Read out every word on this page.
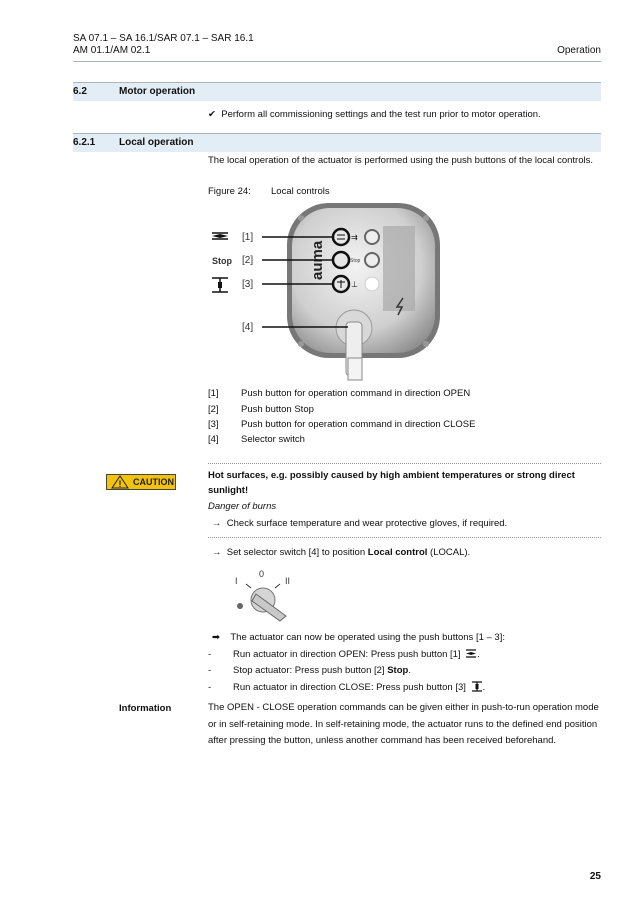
SA 07.1 – SA 16.1/SAR 07.1 – SAR 16.1
AM 01.1/AM 02.1	Operation
6.2	Motor operation
✔ Perform all commissioning settings and the test run prior to motor operation.
6.2.1 Local operation
The local operation of the actuator is performed using the push buttons of the local controls.
Figure 24: Local controls
⇉
⊥
Stop
auma
[1]
[2]
[3]
[4]
Stop
[1] Push button for operation command in direction OPEN
[2] Push button Stop
[3] Push button for operation command in direction CLOSE
[4] Selector switch
! CAUTION
Hot surfaces, e.g. possibly caused by high ambient temperatures or strong direct sunlight!
Danger of burns
→ Check surface temperature and wear protective gloves, if required.
→ Set selector switch [4] to position Local control (LOCAL).
I
0
II
➡ The actuator can now be operated using the push buttons [1 – 3]:
- Run actuator in direction OPEN: Press push button [1] .
- Stop actuator: Press push button [2] Stop.
- Run actuator in direction CLOSE: Press push button [3] .
Information	The OPEN - CLOSE operation commands can be given either in push-to-run operation mode or in self-retaining mode. In self-retaining mode, the actuator runs to the defined end position after pressing the button, unless another command has been received beforehand.
25
